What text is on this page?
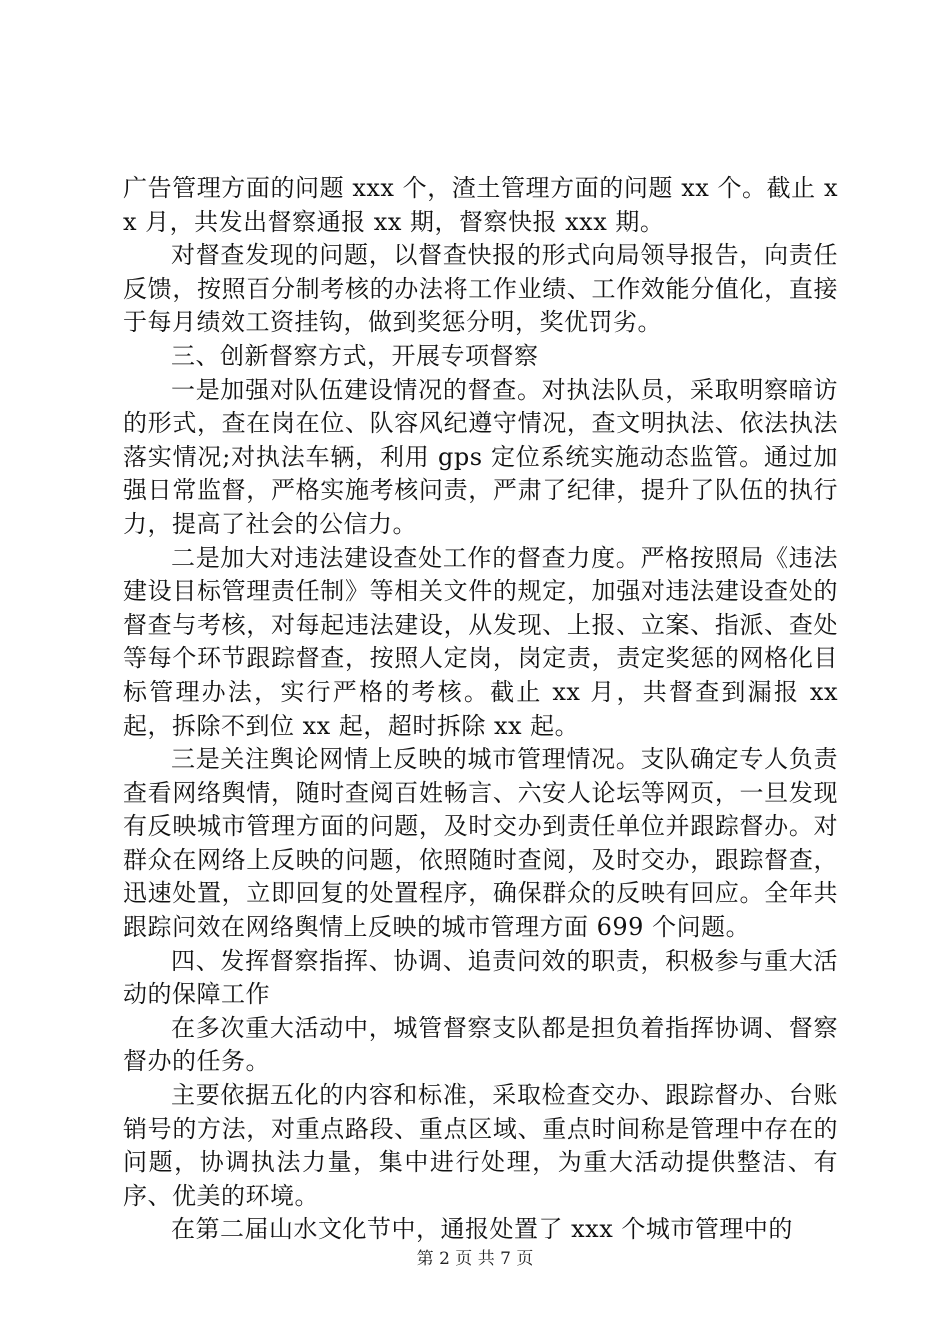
广告管理方面的问题 xxx 个，渣土管理方面的问题 xx 个。截止 xx 月，共发出督察通报 xx 期，督察快报 xxx 期。

对督查发现的问题，以督查快报的形式向局领导报告，向责任反馈，按照百分制考核的办法将工作业绩、工作效能分值化，直接于每月绩效工资挂钩，做到奖惩分明，奖优罚劣。

三、创新督察方式，开展专项督察

一是加强对队伍建设情况的督查。对执法队员，采取明察暗访的形式，查在岗在位、队容风纪遵守情况，查文明执法、依法执法落实情况;对执法车辆，利用 gps 定位系统实施动态监管。通过加强日常监督，严格实施考核问责，严肃了纪律，提升了队伍的执行力，提高了社会的公信力。

二是加大对违法建设查处工作的督查力度。严格按照局《违法建设目标管理责任制》等相关文件的规定，加强对违法建设查处的督查与考核，对每起违法建设，从发现、上报、立案、指派、查处等每个环节跟踪督查，按照人定岗，岗定责，责定奖惩的网格化目标管理办法，实行严格的考核。截止 xx 月，共督查到漏报 xx 起，拆除不到位 xx 起，超时拆除 xx 起。

三是关注舆论网情上反映的城市管理情况。支队确定专人负责查看网络舆情，随时查阅百姓畅言、六安人论坛等网页，一旦发现有反映城市管理方面的问题，及时交办到责任单位并跟踪督办。对群众在网络上反映的问题，依照随时查阅，及时交办，跟踪督查，迅速处置，立即回复的处置程序，确保群众的反映有回应。全年共跟踪问效在网络舆情上反映的城市管理方面 699 个问题。

四、发挥督察指挥、协调、追责问效的职责，积极参与重大活动的保障工作

在多次重大活动中，城管督察支队都是担负着指挥协调、督察督办的任务。

主要依据五化的内容和标准，采取检查交办、跟踪督办、台账销号的方法，对重点路段、重点区域、重点时间称是管理中存在的问题，协调执法力量，集中进行处理，为重大活动提供整洁、有序、优美的环境。

在第二届山水文化节中，通报处置了 xxx 个城市管理中的

第 2 页 共 7 页
